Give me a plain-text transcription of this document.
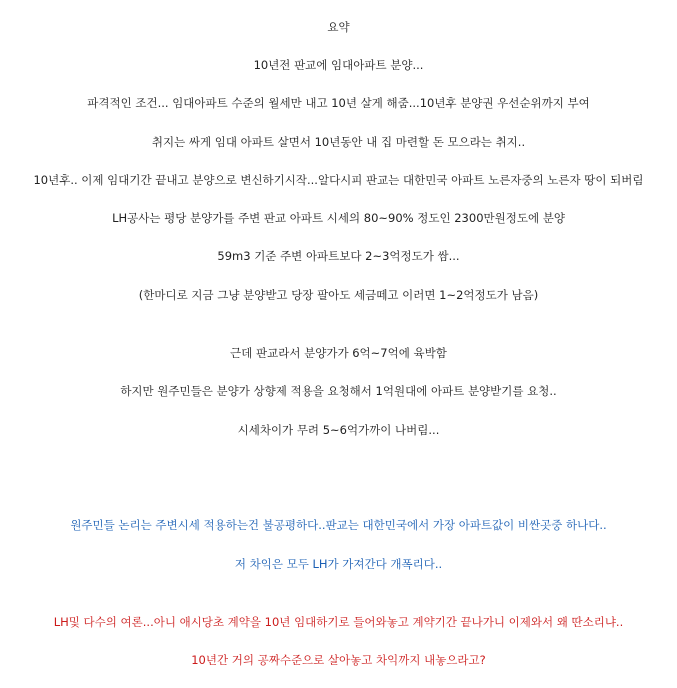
요약
10년전 판교에 임대아파트 분양...
파격적인 조건... 임대아파트 수준의 월세만 내고 10년 살게 해줌...10년후 분양권 우선순위까지 부여
취지는 싸게 임대 아파트 살면서 10년동안 내 집 마련할 돈 모으라는 취지..
10년후.. 이제 임대기간 끝내고 분양으로 변신하기시작...알다시피 판교는 대한민국 아파트 노른자중의 노른자 땅이 되버림
LH공사는 평당 분양가를 주변 판교 아파트 시세의 80~90% 정도인 2300만원정도에 분양
59m3 기준 주변 아파트보다 2~3억정도가 쌈...
(한마디로 지금 그냥 분양받고 당장 팔아도 세금떼고 이러면 1~2억정도가 남음)
근데 판교라서 분양가가 6억~7억에 육박함
하지만 원주민들은 분양가 상향제 적용을 요청해서 1억원대에 아파트 분양받기를 요청..
시세차이가 무려 5~6억가까이 나버림...
원주민들 논리는 주변시세 적용하는건 불공평하다..판교는 대한민국에서 가장 아파트값이 비싼곳중 하나다..
저 차익은 모두 LH가 가져간다 개폭리다..
LH및 다수의 여론...아니 애시당초 계약을 10년 임대하기로 들어와놓고 계약기간 끝나가니 이제와서 왜 딴소리냐..
10년간 거의 공짜수준으로 살아놓고 차익까지 내놓으라고?
